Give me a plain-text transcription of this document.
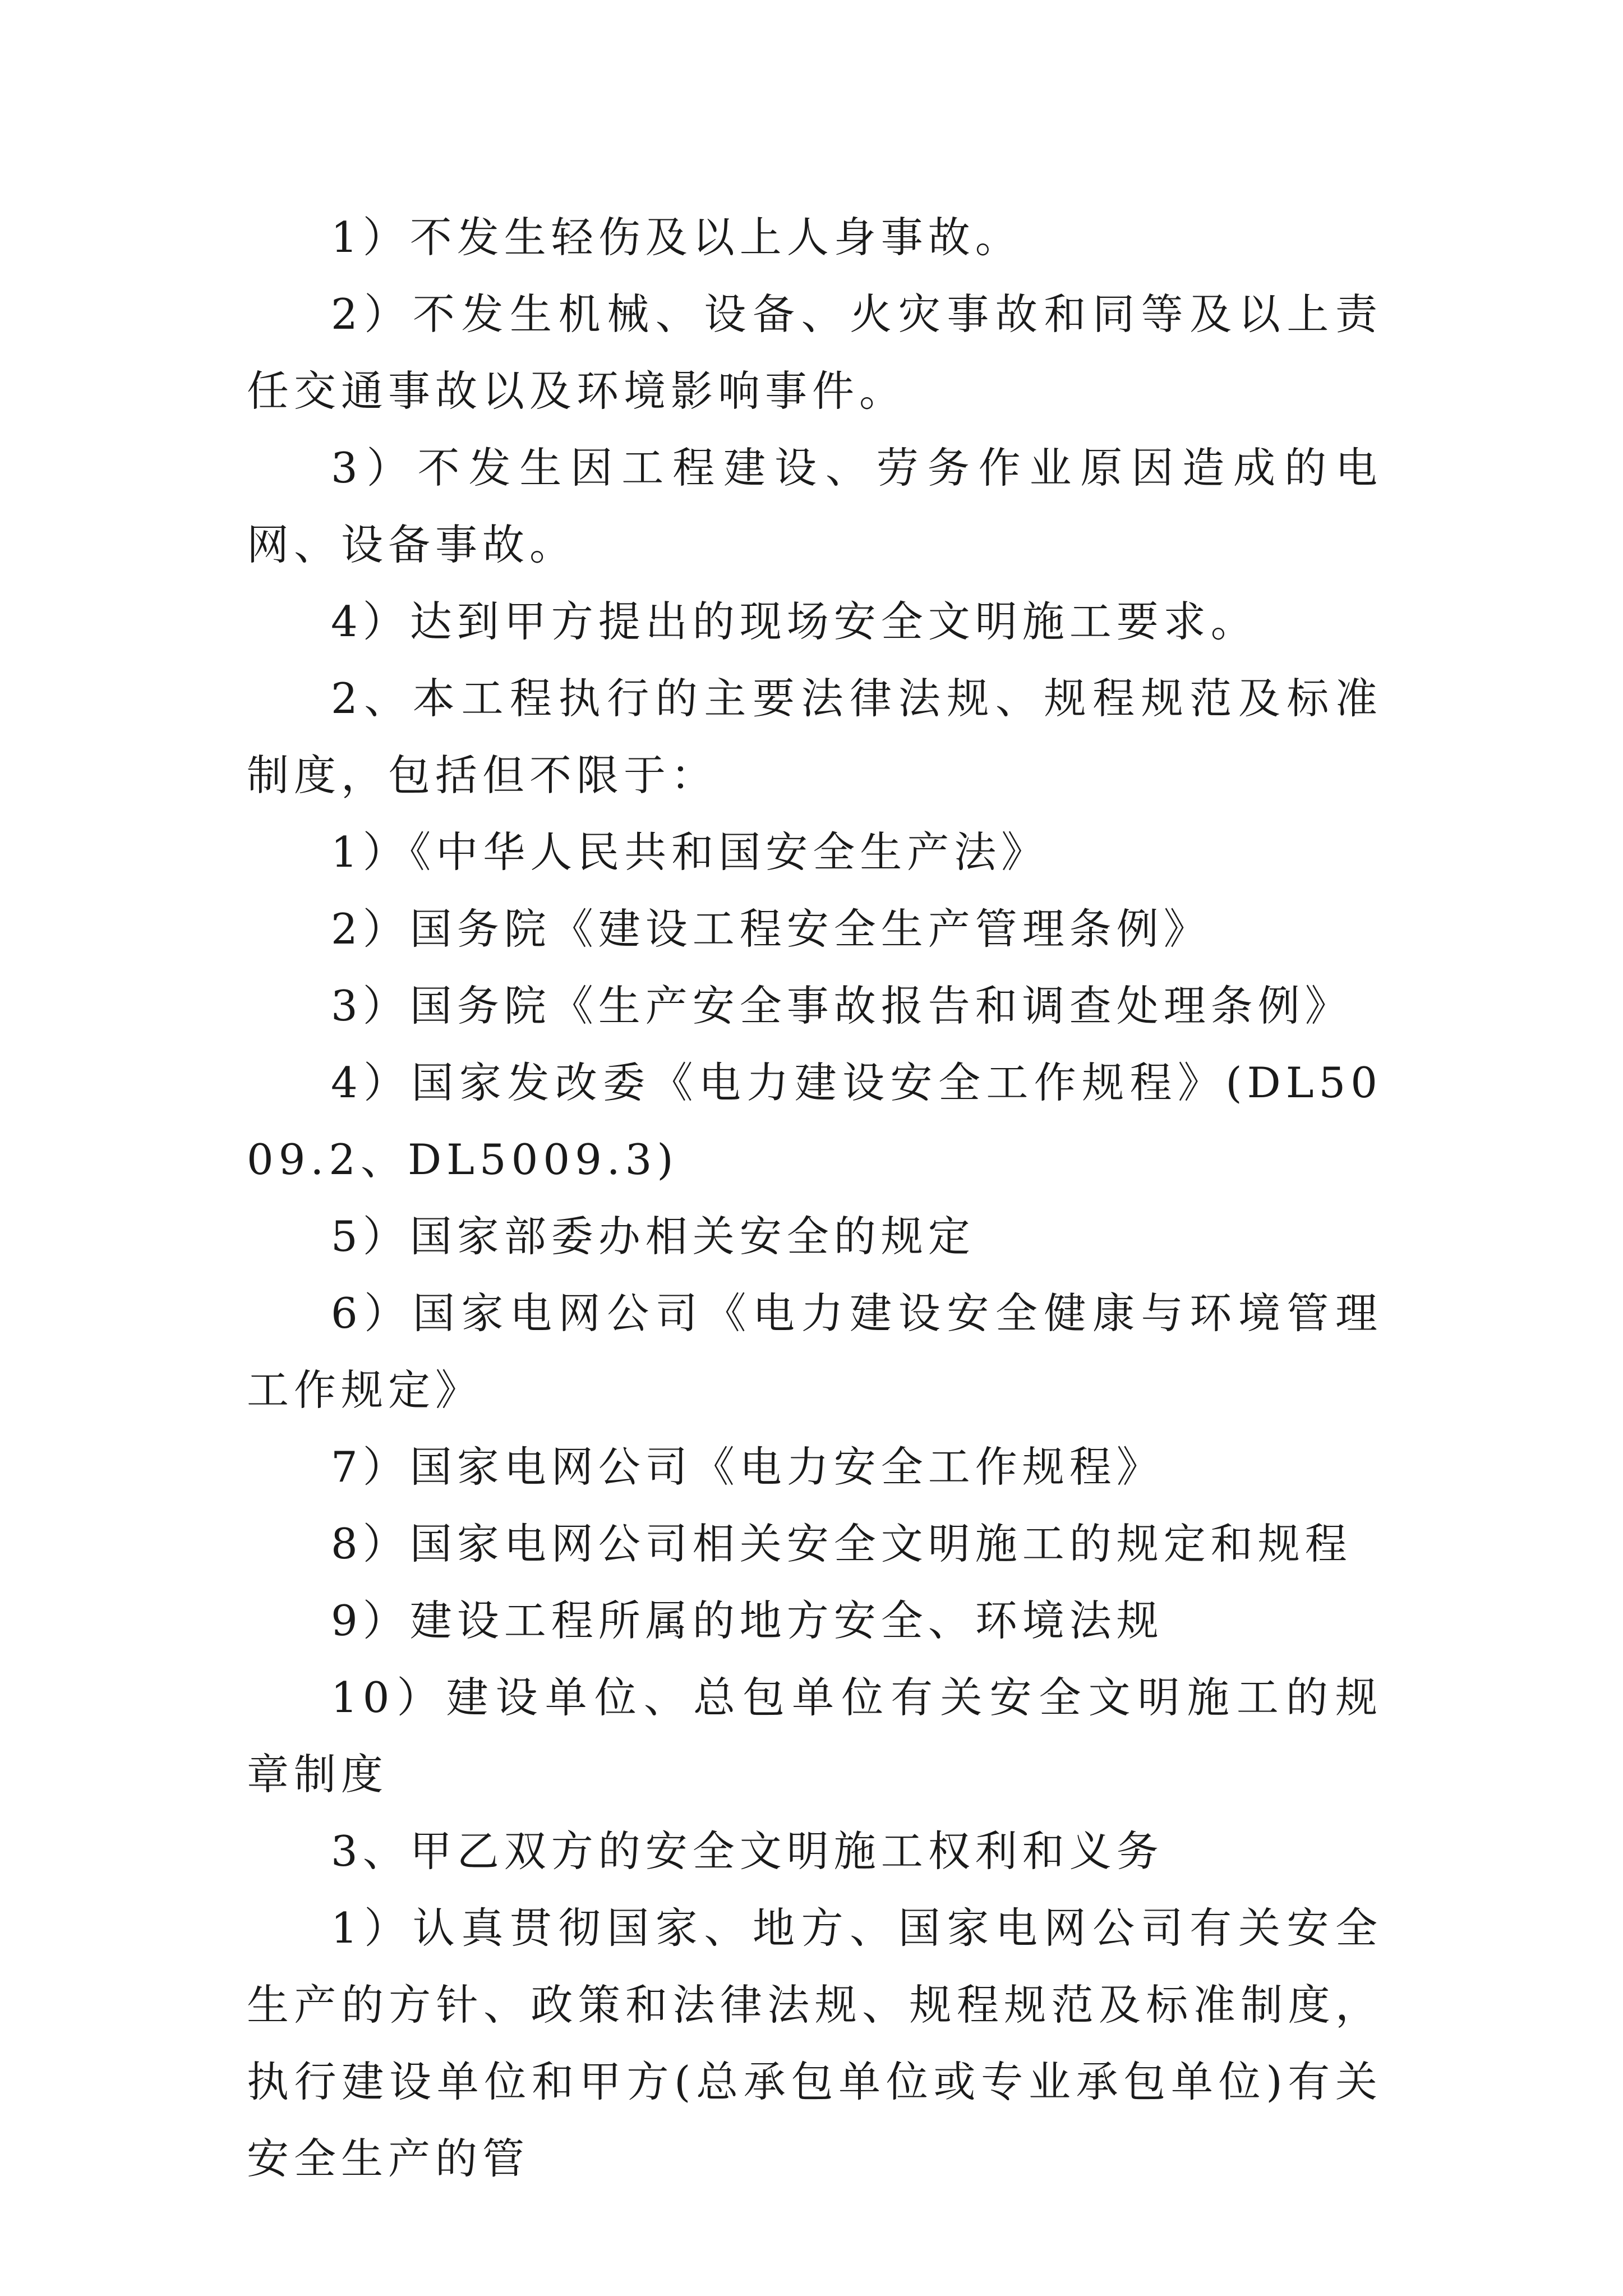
1）不发生轻伤及以上人身事故。

2）不发生机械、设备、火灾事故和同等及以上责任交通事故以及环境影响事件。

3）不发生因工程建设、劳务作业原因造成的电网、设备事故。

4）达到甲方提出的现场安全文明施工要求。

2、本工程执行的主要法律法规、规程规范及标准制度，包括但不限于：

1）《中华人民共和国安全生产法》

2）国务院《建设工程安全生产管理条例》

3）国务院《生产安全事故报告和调查处理条例》

4）国家发改委《电力建设安全工作规程》(DL5009.2、DL5009.3)

5）国家部委办相关安全的规定

6）国家电网公司《电力建设安全健康与环境管理工作规定》

7）国家电网公司《电力安全工作规程》

8）国家电网公司相关安全文明施工的规定和规程

9）建设工程所属的地方安全、环境法规

10）建设单位、总包单位有关安全文明施工的规章制度

3、甲乙双方的安全文明施工权利和义务

1）认真贯彻国家、地方、国家电网公司有关安全生产的方针、政策和法律法规、规程规范及标准制度，执行建设单位和甲方(总承包单位或专业承包单位)有关安全生产的管
